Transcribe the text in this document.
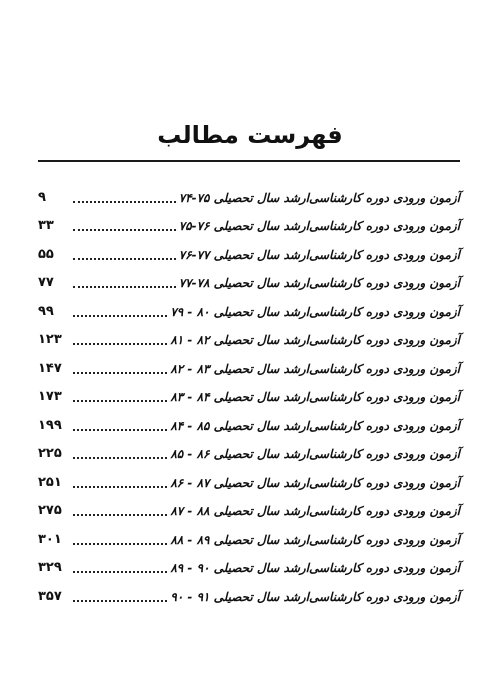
فهرست مطالب
آزمون ورودی دوره کارشناسی‌ارشد سال تحصیلی ۷۵-۷۴
۹
آزمون ورودی دوره کارشناسی‌ارشد سال تحصیلی ۷۶-۷۵
۳۳
آزمون ورودی دوره کارشناسی‌ارشد سال تحصیلی ۷۷-۷۶
۵۵
آزمون ورودی دوره کارشناسی‌ارشد سال تحصیلی ۷۸-۷۷
۷۷
آزمون ورودی دوره کارشناسی‌ارشد سال تحصیلی ۸۰ - ۷۹
۹۹
آزمون ورودی دوره کارشناسی‌ارشد سال تحصیلی ۸۲ - ۸۱
۱۲۳
آزمون ورودی دوره کارشناسی‌ارشد سال تحصیلی ۸۳ - ۸۲
۱۴۷
آزمون ورودی دوره کارشناسی‌ارشد سال تحصیلی ۸۴ - ۸۳
۱۷۳
آزمون ورودی دوره کارشناسی‌ارشد سال تحصیلی ۸۵ - ۸۴
۱۹۹
آزمون ورودی دوره کارشناسی‌ارشد سال تحصیلی ۸۶ - ۸۵
۲۲۵
آزمون ورودی دوره کارشناسی‌ارشد سال تحصیلی ۸۷ - ۸۶
۲۵۱
آزمون ورودی دوره کارشناسی‌ارشد سال تحصیلی ۸۸ - ۸۷
۲۷۵
آزمون ورودی دوره کارشناسی‌ارشد سال تحصیلی ۸۹ - ۸۸
۳۰۱
آزمون ورودی دوره کارشناسی‌ارشد سال تحصیلی ۹۰ - ۸۹
۳۲۹
آزمون ورودی دوره کارشناسی‌ارشد سال تحصیلی ۹۱ - ۹۰
۳۵۷
